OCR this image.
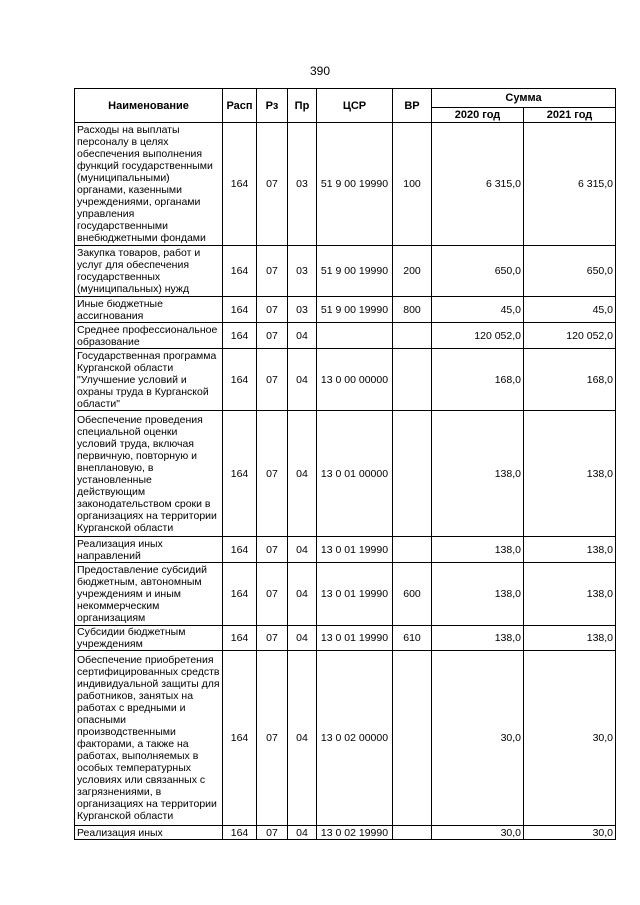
390
Наименование	Расп	Рз	Пр	ЦСР	ВР	Сумма	
						2020 год	2021 год
Расходы на выплаты персоналу в целях обеспечения выполнения функций государственными (муниципальными) органами, казенными учреждениями, органами управления государственными внебюджетными фондами	164	07	03	51 9 00 19990	100	6 315,0	6 315,0
Закупка товаров, работ и услуг для обеспечения государственных (муниципальных) нужд	164	07	03	51 9 00 19990	200	650,0	650,0
Иные бюджетные ассигнования	164	07	03	51 9 00 19990	800	45,0	45,0
Среднее профессиональное образование	164	07	04			120 052,0	120 052,0
Государственная программа Курганской области "Улучшение условий и охраны труда в Курганской области"	164	07	04	13 0 00 00000		168,0	168,0
Обеспечение проведения специальной оценки условий труда, включая первичную, повторную и внеплановую, в установленные действующим законодательством сроки в организациях на территории Курганской области	164	07	04	13 0 01 00000		138,0	138,0
Реализация иных направлений	164	07	04	13 0 01 19990		138,0	138,0
Предоставление субсидий бюджетным, автономным учреждениям и иным некоммерческим организациям	164	07	04	13 0 01 19990	600	138,0	138,0
Субсидии бюджетным учреждениям	164	07	04	13 0 01 19990	610	138,0	138,0
Обеспечение приобретения сертифицированных средств индивидуальной защиты для работников, занятых на работах с вредными и опасными производственными факторами, а также на работах, выполняемых в особых температурных условиях или связанных с загрязнениями, в организациях на территории Курганской области	164	07	04	13 0 02 00000		30,0	30,0
Реализация иных	164	07	04	13 0 02 19990		30,0	30,0
